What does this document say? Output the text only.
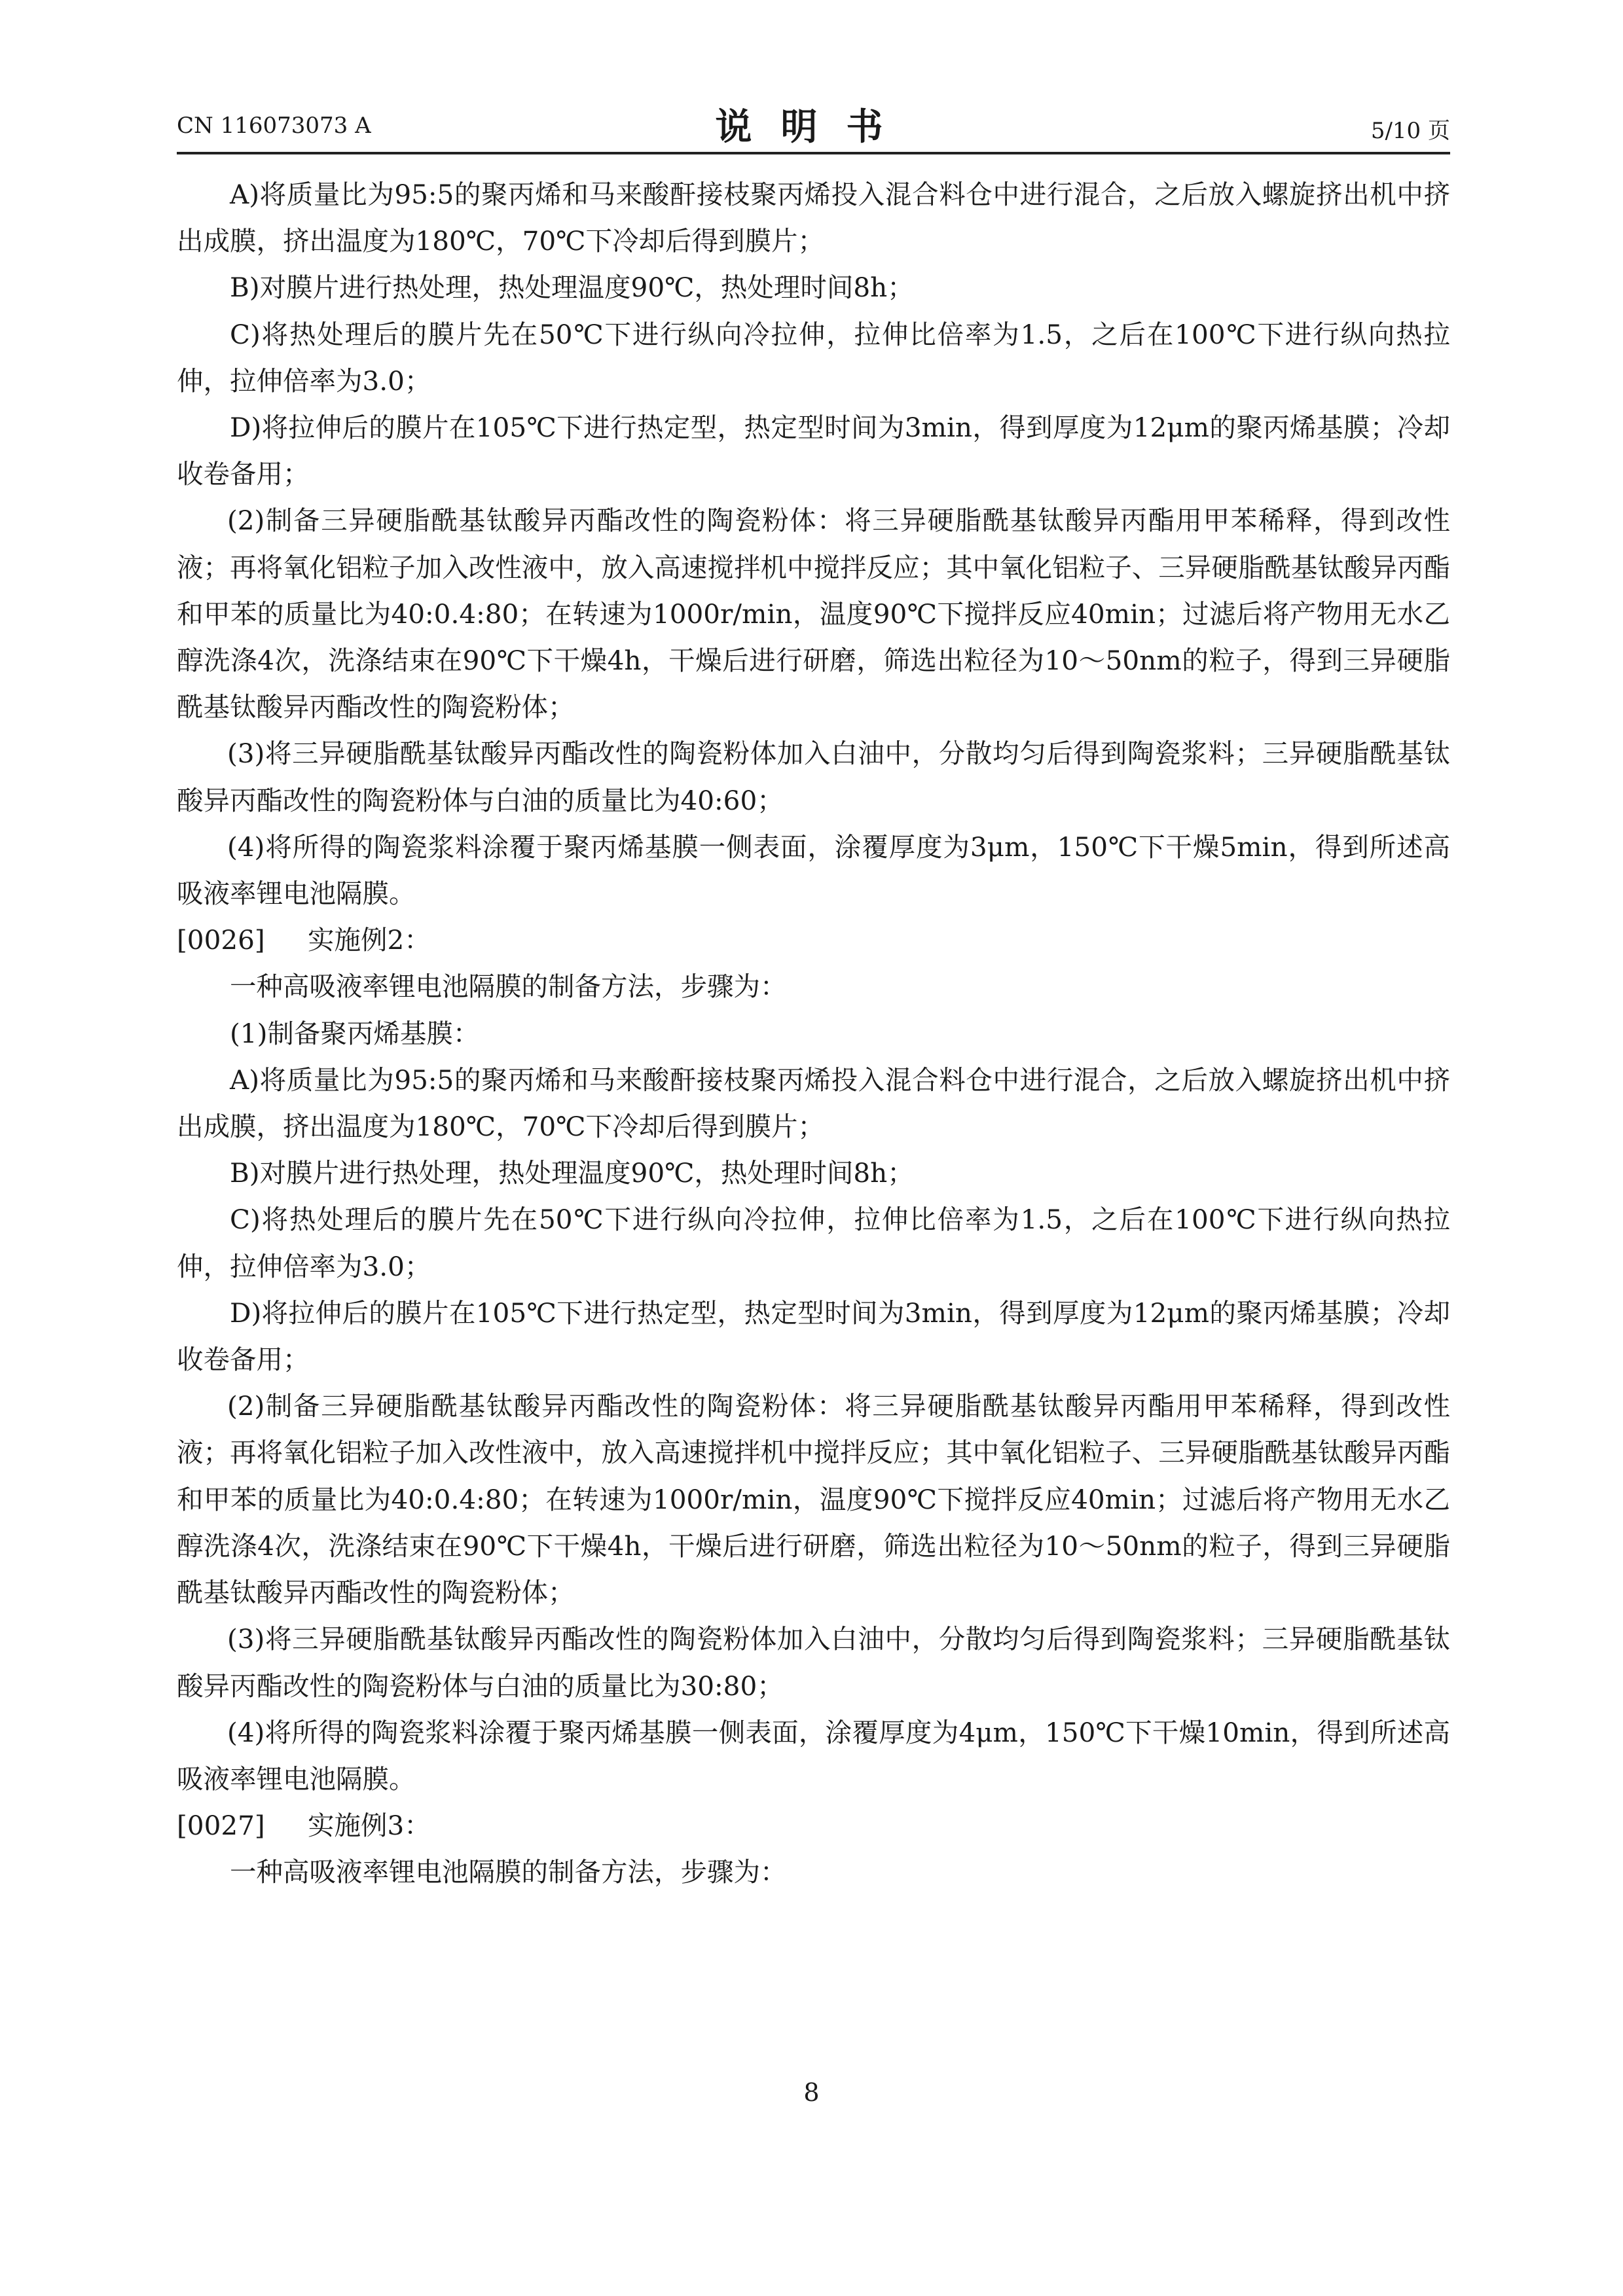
CN 116073073 A	说明书	5/10 页

A)将质量比为95:5的聚丙烯和马来酸酐接枝聚丙烯投入混合料仓中进行混合，之后放入螺旋挤出机中挤出成膜，挤出温度为180℃，70℃下冷却后得到膜片；

B)对膜片进行热处理，热处理温度90℃，热处理时间8h；

C)将热处理后的膜片先在50℃下进行纵向冷拉伸，拉伸比倍率为1.5，之后在100℃下进行纵向热拉伸，拉伸倍率为3.0；

D)将拉伸后的膜片在105℃下进行热定型，热定型时间为3min，得到厚度为12μm的聚丙烯基膜；冷却收卷备用；

(2)制备三异硬脂酰基钛酸异丙酯改性的陶瓷粉体：将三异硬脂酰基钛酸异丙酯用甲苯稀释，得到改性液；再将氧化铝粒子加入改性液中，放入高速搅拌机中搅拌反应；其中氧化铝粒子、三异硬脂酰基钛酸异丙酯和甲苯的质量比为40:0.4:80；在转速为1000r/min，温度90℃下搅拌反应40min；过滤后将产物用无水乙醇洗涤4次，洗涤结束在90℃下干燥4h，干燥后进行研磨，筛选出粒径为10～50nm的粒子，得到三异硬脂酰基钛酸异丙酯改性的陶瓷粉体；

(3)将三异硬脂酰基钛酸异丙酯改性的陶瓷粉体加入白油中，分散均匀后得到陶瓷浆料；三异硬脂酰基钛酸异丙酯改性的陶瓷粉体与白油的质量比为40:60；

(4)将所得的陶瓷浆料涂覆于聚丙烯基膜一侧表面，涂覆厚度为3μm，150℃下干燥5min，得到所述高吸液率锂电池隔膜。

[0026]	实施例2：

一种高吸液率锂电池隔膜的制备方法，步骤为：

(1)制备聚丙烯基膜：

A)将质量比为95:5的聚丙烯和马来酸酐接枝聚丙烯投入混合料仓中进行混合，之后放入螺旋挤出机中挤出成膜，挤出温度为180℃，70℃下冷却后得到膜片；

B)对膜片进行热处理，热处理温度90℃，热处理时间8h；

C)将热处理后的膜片先在50℃下进行纵向冷拉伸，拉伸比倍率为1.5，之后在100℃下进行纵向热拉伸，拉伸倍率为3.0；

D)将拉伸后的膜片在105℃下进行热定型，热定型时间为3min，得到厚度为12μm的聚丙烯基膜；冷却收卷备用；

(2)制备三异硬脂酰基钛酸异丙酯改性的陶瓷粉体：将三异硬脂酰基钛酸异丙酯用甲苯稀释，得到改性液；再将氧化铝粒子加入改性液中，放入高速搅拌机中搅拌反应；其中氧化铝粒子、三异硬脂酰基钛酸异丙酯和甲苯的质量比为40:0.4:80；在转速为1000r/min，温度90℃下搅拌反应40min；过滤后将产物用无水乙醇洗涤4次，洗涤结束在90℃下干燥4h，干燥后进行研磨，筛选出粒径为10～50nm的粒子，得到三异硬脂酰基钛酸异丙酯改性的陶瓷粉体；

(3)将三异硬脂酰基钛酸异丙酯改性的陶瓷粉体加入白油中，分散均匀后得到陶瓷浆料；三异硬脂酰基钛酸异丙酯改性的陶瓷粉体与白油的质量比为30:80；

(4)将所得的陶瓷浆料涂覆于聚丙烯基膜一侧表面，涂覆厚度为4μm，150℃下干燥10min，得到所述高吸液率锂电池隔膜。

[0027]	实施例3：

一种高吸液率锂电池隔膜的制备方法，步骤为：

8
